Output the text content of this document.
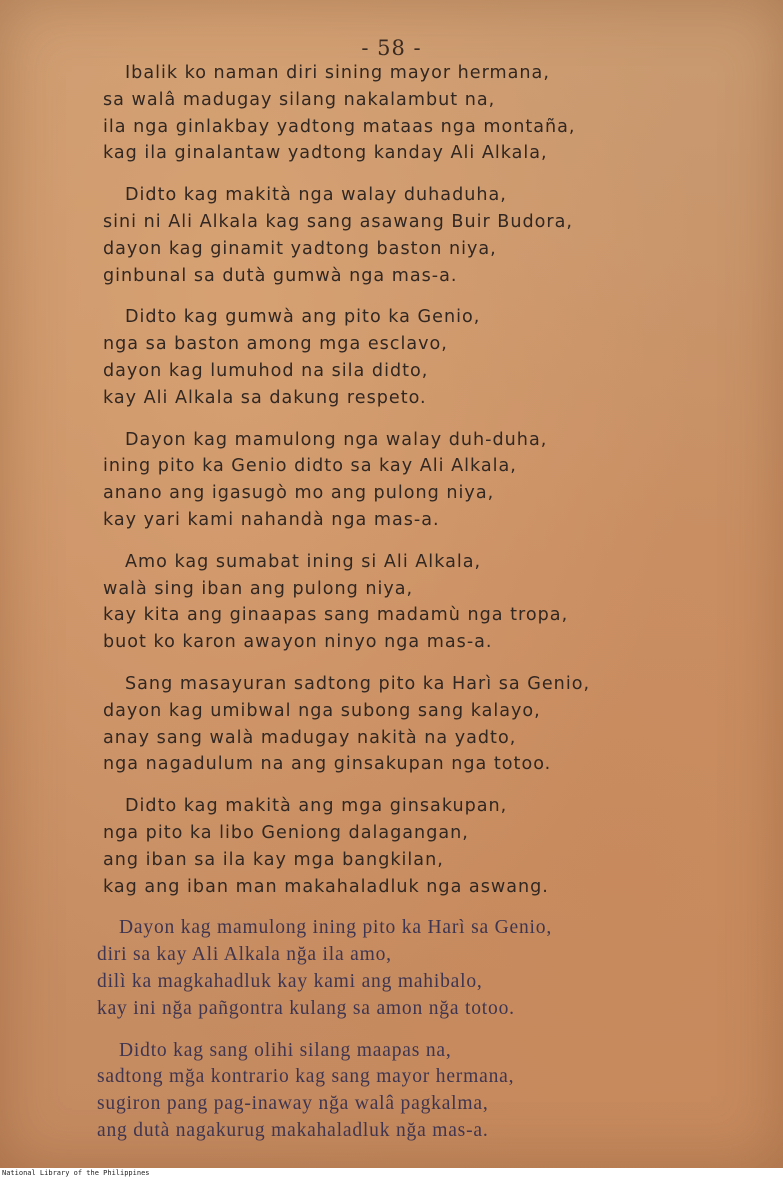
- 58 -
Ibalik ko naman diri sining mayor hermana,
sa walâ madugay silang nakalambut na,
ila nga ginlakbay yadtong mataas nga montaña,
kag ila ginalantaw yadtong kanday Ali Alkala,
Didto kag makità nga walay duhaduha,
sini ni Ali Alkala kag sang asawang Buir Budora,
dayon kag ginamit yadtong baston niya,
ginbunal sa dutà gumwà nga mas-a.
Didto kag gumwà ang pito ka Genio,
nga sa baston among mga esclavo,
dayon kag lumuhod na sila didto,
kay Ali Alkala sa dakung respeto.
Dayon kag mamulong nga walay duh-duha,
ining pito ka Genio didto sa kay Ali Alkala,
anano ang igasugò mo ang pulong niya,
kay yari kami nahandà nga mas-a.
Amo kag sumabat ining si Ali Alkala,
walà sing iban ang pulong niya,
kay kita ang ginaapas sang madamù nga tropa,
buot ko karon awayon ninyo nga mas-a.
Sang masayuran sadtong pito ka Harì sa Genio,
dayon kag umibwal nga subong sang kalayo,
anay sang walà madugay nakità na yadto,
nga nagadulum na ang ginsakupan nga totoo.
Didto kag makità ang mga ginsakupan,
nga pito ka libo Geniong dalagangan,
ang iban sa ila kay mga bangkilan,
kag ang iban man makahaladluk nga aswang.
Dayon kag mamulong ining pito ka Harì sa Genio,
diri sa kay Ali Alkala nğa ila amo,
dilì ka magkahadluk kay kami ang mahibalo,
kay ini nğa pañgontra kulang sa amon nğa totoo.
Didto kag sang olihi silang maapas na,
sadtong mğa kontrario kag sang mayor hermana,
sugiron pang pag-inaway nğa walâ pagkalma,
ang dutà nagakurug makahaladluk nğa mas-a.
National Library of the Philippines
